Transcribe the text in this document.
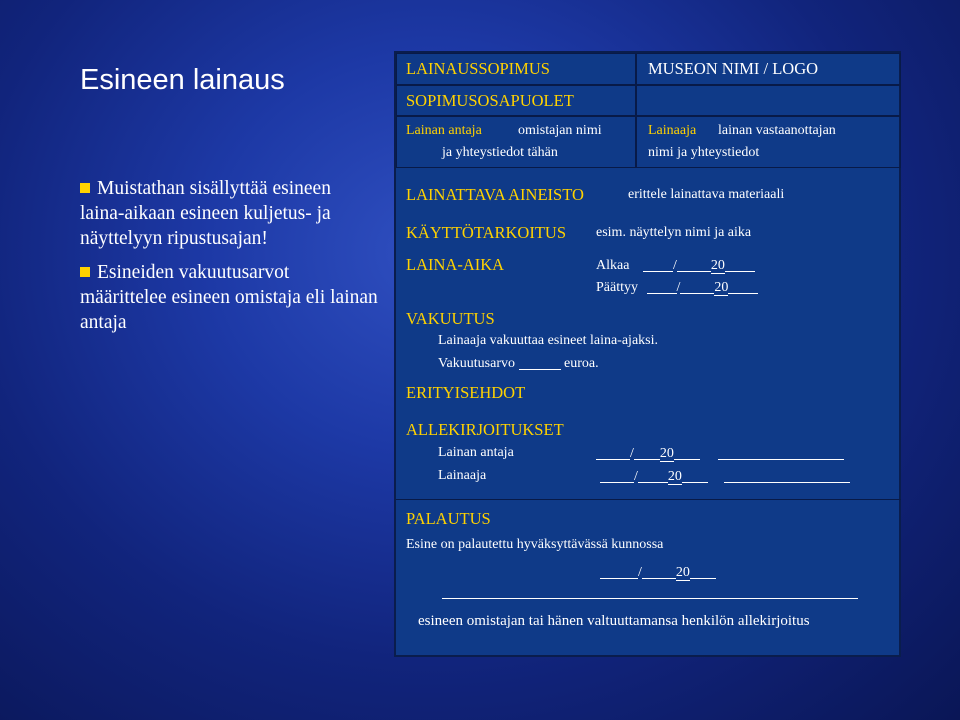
Esineen lainaus
Muistathan sisällyttää esineen laina-aikaan esineen kuljetus- ja näyttelyyn ripustusajan!
Esineiden vakuutusarvot määrittelee esineen omistaja eli lainan antaja
LAINAUSSOPIMUS	MUSEON NIMI / LOGO
SOPIMUSOSAPUOLET
Lainan antaja	omistajan nimi
ja yhteystiedot tähän
Lainaaja lainan vastaanottajan
nimi ja yhteystiedot
LAINATTAVA AINEISTO	erittele lainattava materiaali
KÄYTTÖTARKOITUS esim. näyttelyn nimi ja aika
LAINA-AIKA	Alkaa	/ 20
Päättyy	/ 20
VAKUUTUS
Lainaaja vakuuttaa esineet laina-ajaksi.
Vakuutusarvo	euroa.
ERITYISEHDOT
ALLEKIRJOITUKSET
Lainan antaja	/ 20
Lainaaja	/ 20
PALAUTUS
Esine on palautettu hyväksyttävässä kunnossa
/ 20
esineen omistajan tai hänen valtuuttamansa henkilön allekirjoitus
